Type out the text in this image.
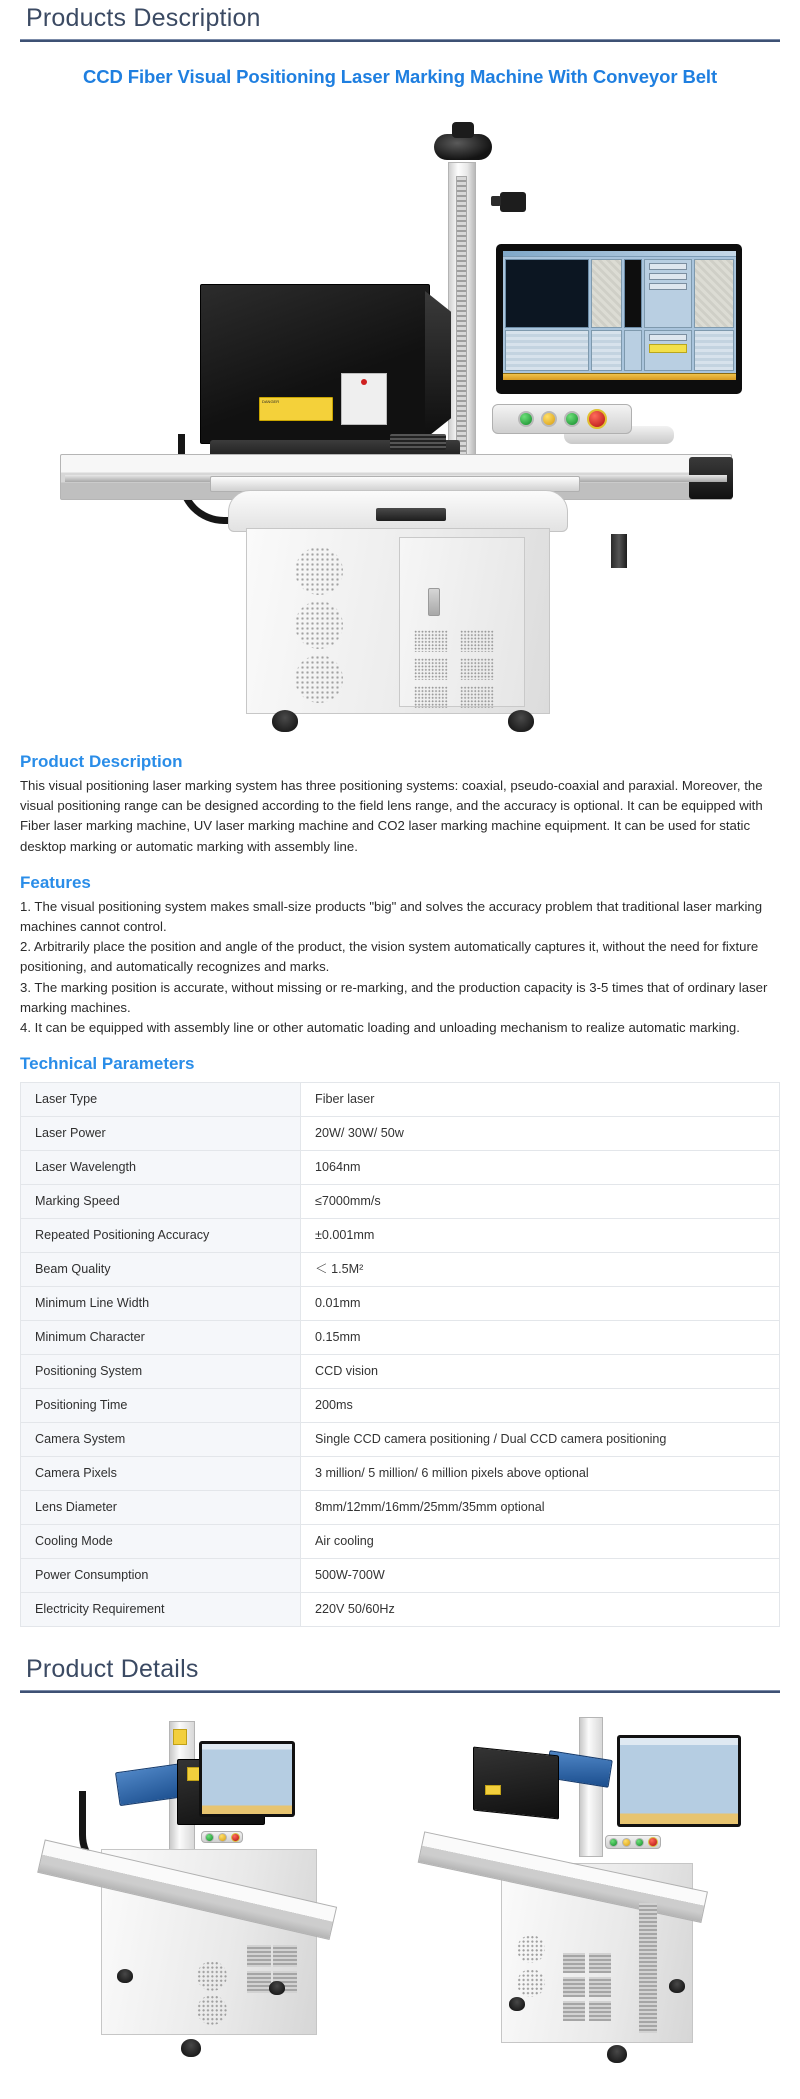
Products Description
CCD Fiber Visual Positioning Laser Marking Machine With Conveyor Belt
DANGER
Product Description
This visual positioning laser marking system has three positioning systems: coaxial, pseudo-coaxial and paraxial. Moreover, the visual positioning range can be designed according to the field lens range, and the accuracy is optional. It can be equipped with Fiber laser marking machine, UV laser marking machine and CO2 laser marking machine equipment. It can be used for static desktop marking or automatic marking with assembly line.
Features

1. The visual positioning system makes small-size products "big" and solves the accuracy problem that traditional laser marking machines cannot control.

2. Arbitrarily place the position and angle of the product, the vision system automatically captures it, without the need for fixture positioning, and automatically recognizes and marks.

3. The marking position is accurate, without missing or re-marking, and the production capacity is 3-5 times that of ordinary laser marking machines.

4. It can be equipped with assembly line or other automatic loading and unloading mechanism to realize automatic marking.

Technical Parameters
Laser Type	Fiber laser
Laser Power	20W/ 30W/ 50w
Laser Wavelength	1064nm
Marking Speed	≤7000mm/s
Repeated Positioning Accuracy	±0.001mm
Beam Quality	＜ 1.5M²
Minimum Line Width	0.01mm
Minimum Character	0.15mm
Positioning System	CCD vision
Positioning Time	200ms
Camera System	Single CCD camera positioning / Dual CCD camera positioning
Camera Pixels	3 million/ 5 million/ 6 million pixels above optional
Lens Diameter	8mm/12mm/16mm/25mm/35mm optional
Cooling Mode	Air cooling
Power Consumption	500W-700W
Electricity Requirement	220V 50/60Hz
Product Details
